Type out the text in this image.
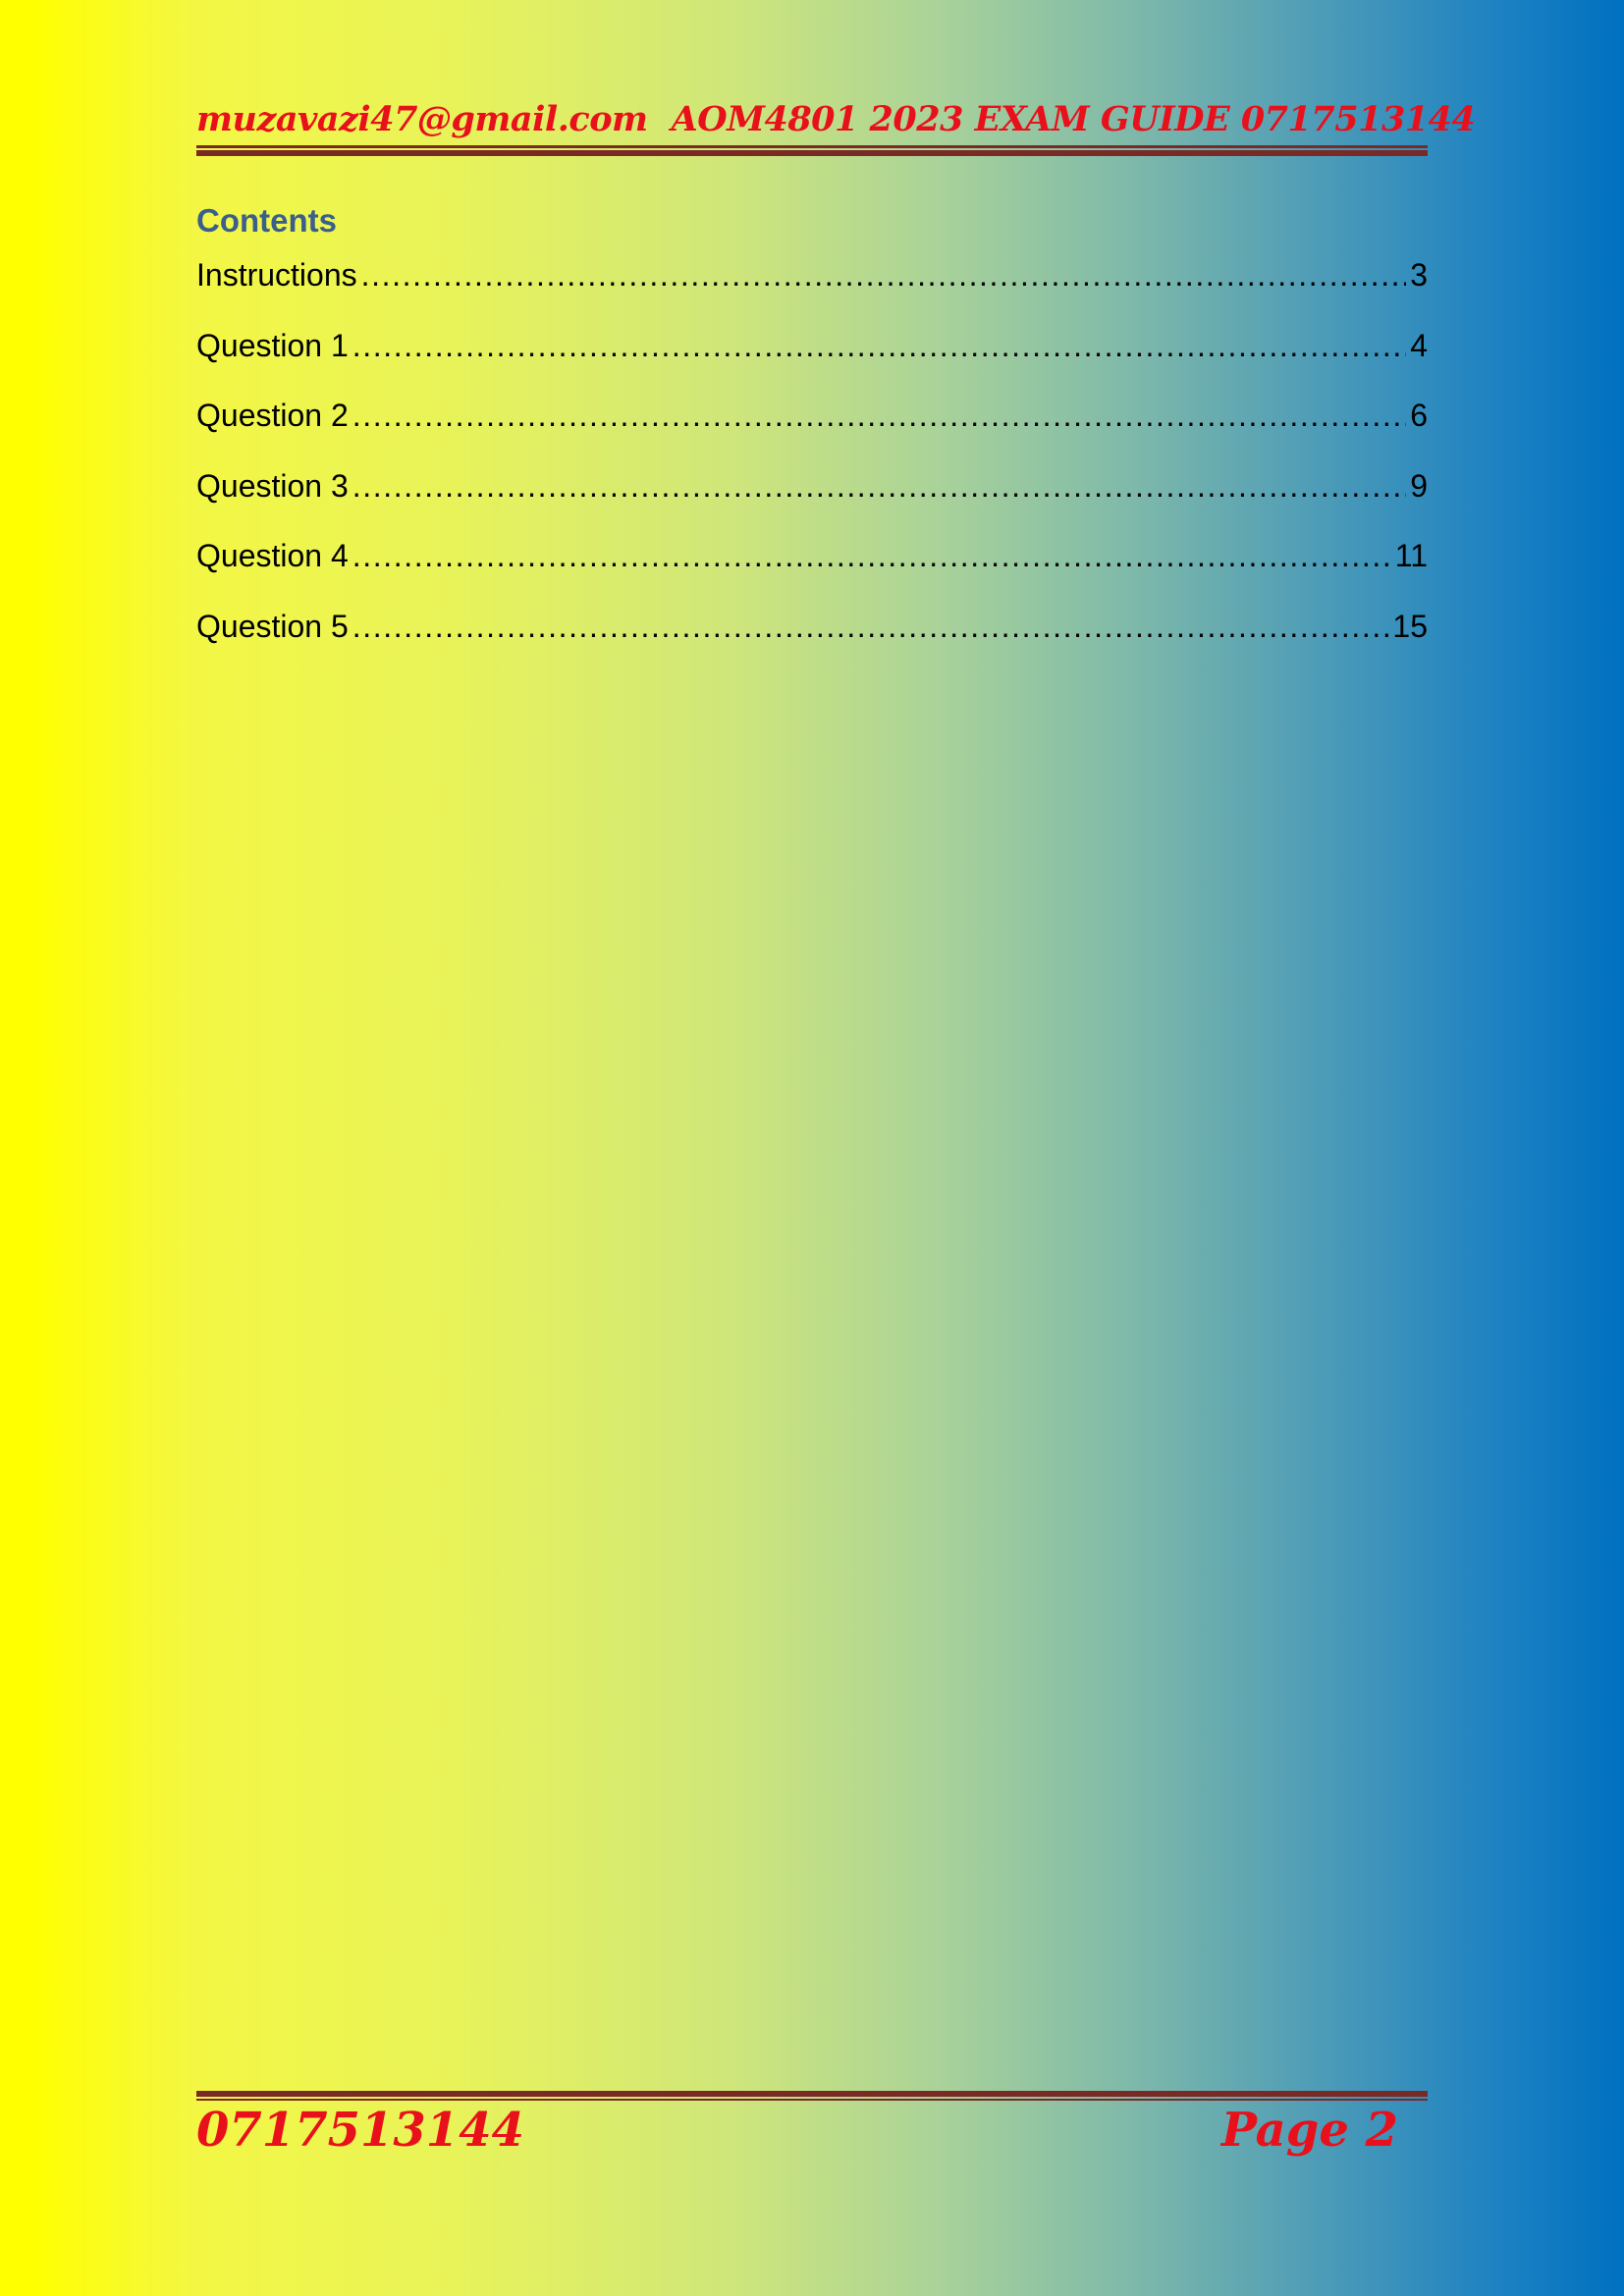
muzavazi47@gmail.com AOM4801 2023 EXAM GUIDE 0717513144
Contents
Instructions .....	3
Question 1 .....	4
Question 2 .....	6
Question 3 .....	9
Question 4 .....	11
Question 5 .....	15
0717513144	Page 2
